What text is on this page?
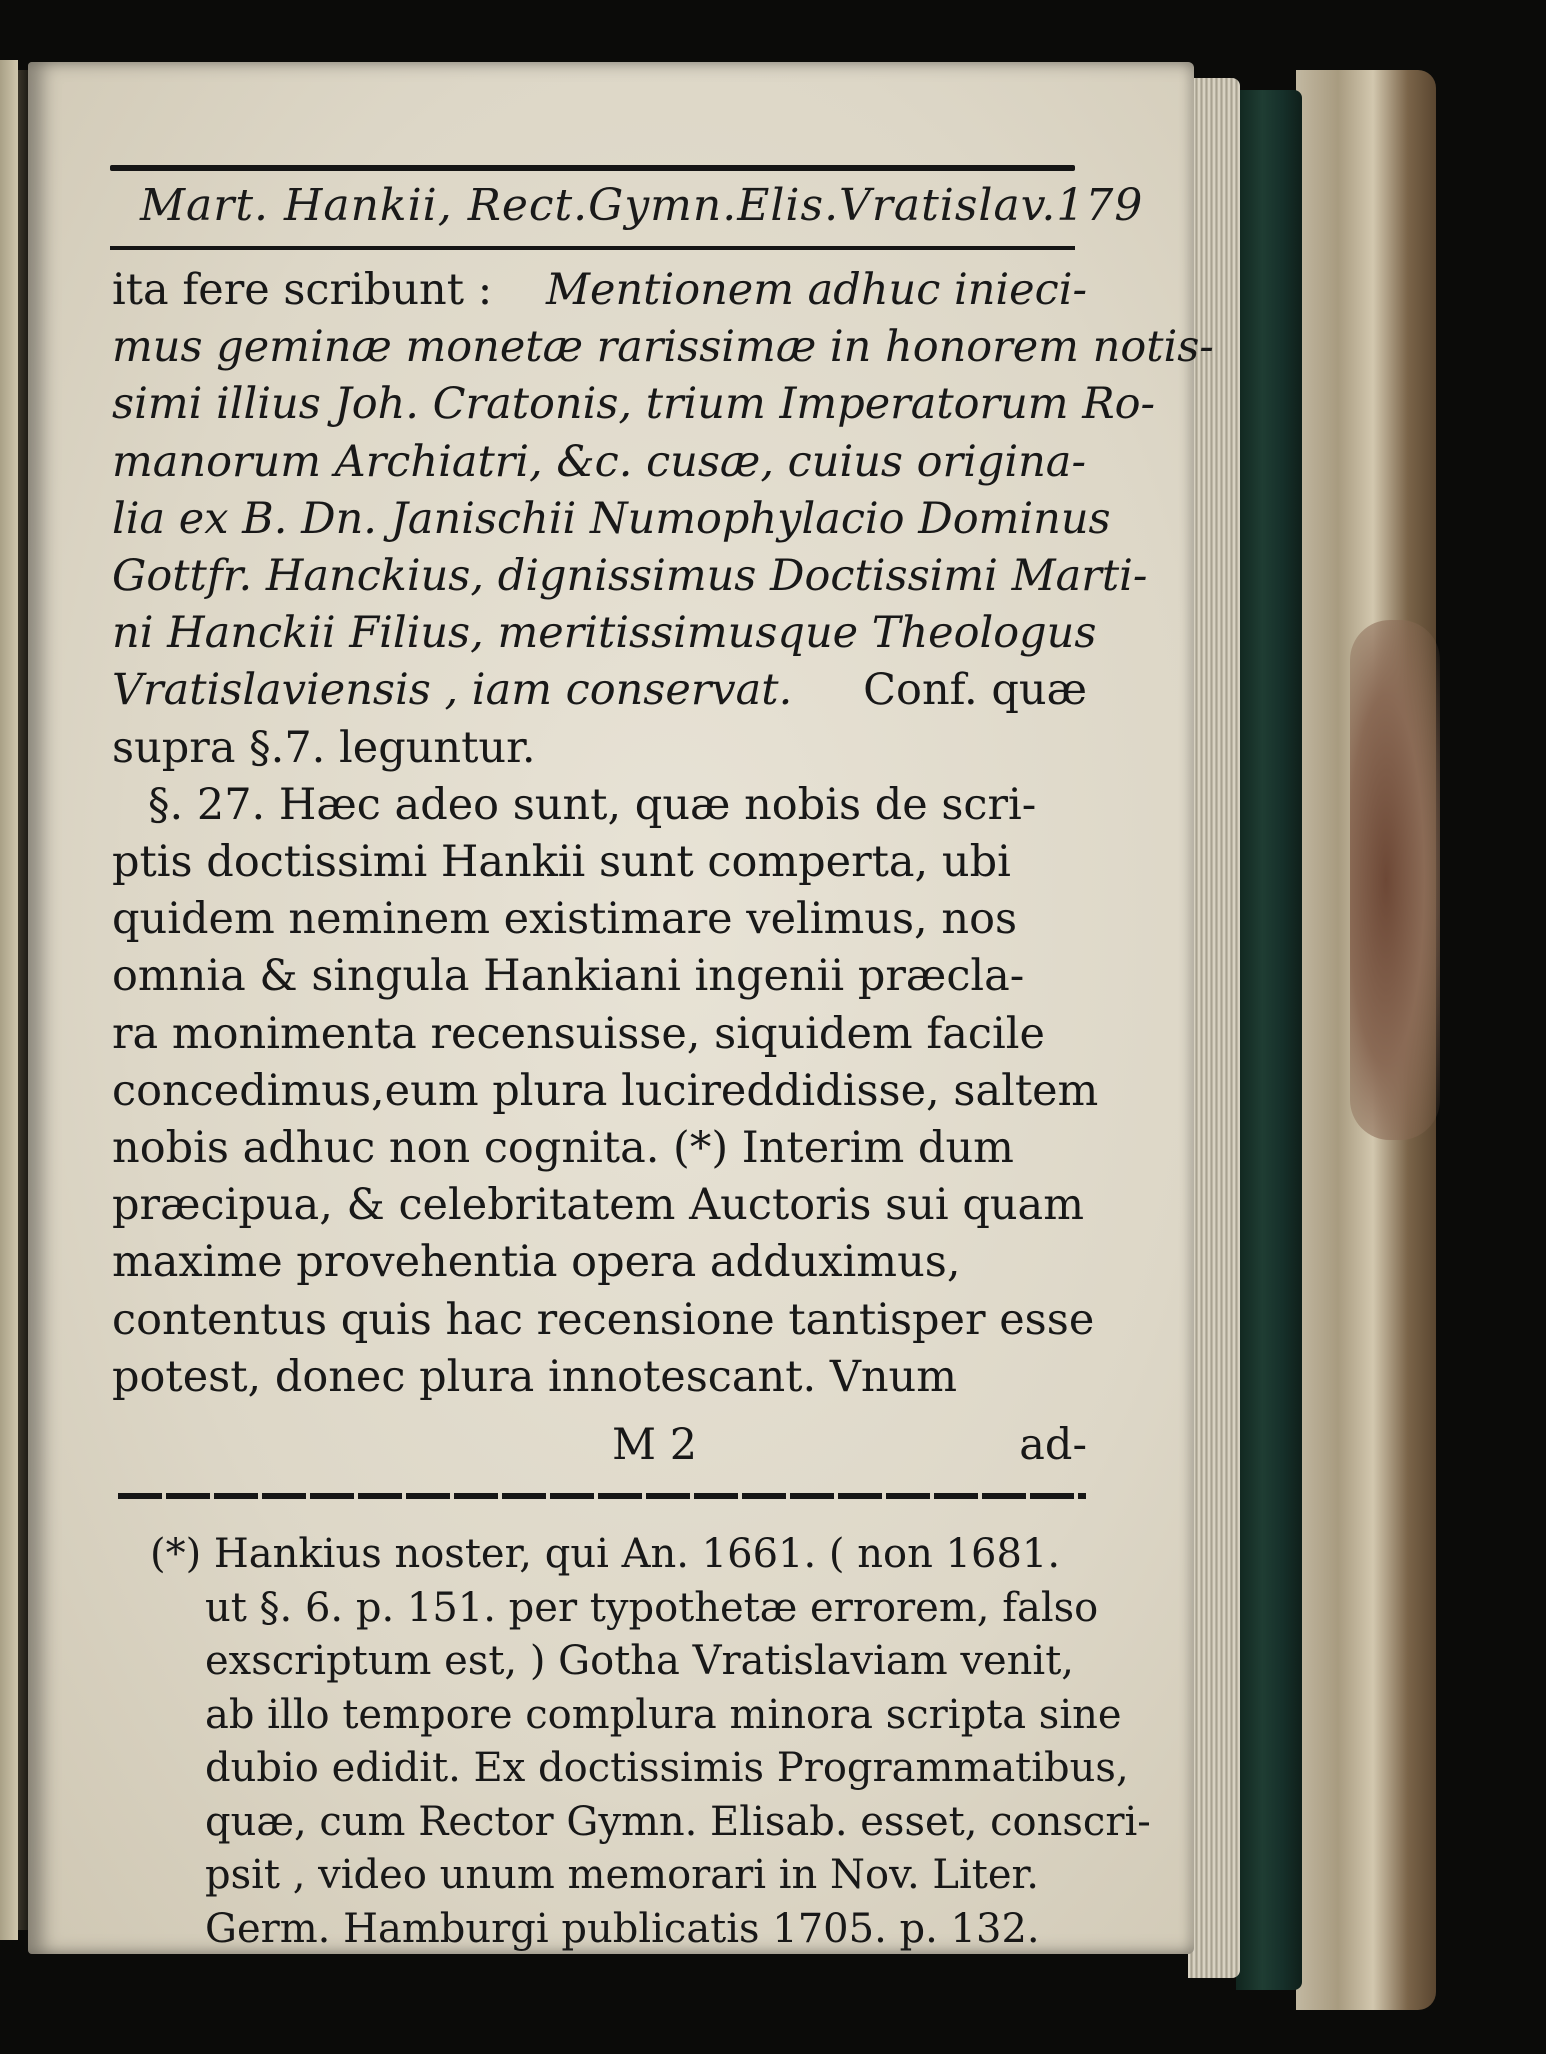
Mart. Hankii, Rect.Gymn.Elis.Vratislav. 179
ita fere scribunt : Mentionem adhuc inieci-
mus geminæ monetæ rarissimæ in honorem notis-
simi illius Joh. Cratonis, trium Imperatorum Ro-
manorum Archiatri, &c. cusæ, cuius origina-
lia ex B. Dn. Janischii Numophylacio Dominus
Gottfr. Hanckius, dignissimus Doctissimi Marti-
ni Hanckii Filius, meritissimusque Theologus
Vratislaviensis , iam conservat. Conf. quæ
supra §.7. leguntur.
§. 27. Hæc adeo sunt, quæ nobis de scri-
ptis doctissimi Hankii sunt comperta, ubi
quidem neminem existimare velimus, nos
omnia & singula Hankiani ingenii præcla-
ra monimenta recensuisse, siquidem facile
concedimus,eum plura lucireddidisse, saltem
nobis adhuc non cognita. (*) Interim dum
præcipua, & celebritatem Auctoris sui quam
maxime provehentia opera adduximus,
contentus quis hac recensione tantisper esse
potest, donec plura innotescant. Vnum
M 2	ad-
(*) Hankius noster, qui An. 1661. ( non 1681.
ut §. 6. p. 151. per typothetæ errorem, falso
exscriptum est, ) Gotha Vratislaviam venit,
ab illo tempore complura minora scripta sine
dubio edidit. Ex doctissimis Programmatibus,
quæ, cum Rector Gymn. Elisab. esset, conscri-
psit , video unum memorari in Nov. Liter.
Germ. Hamburgi publicatis 1705. p. 132.
